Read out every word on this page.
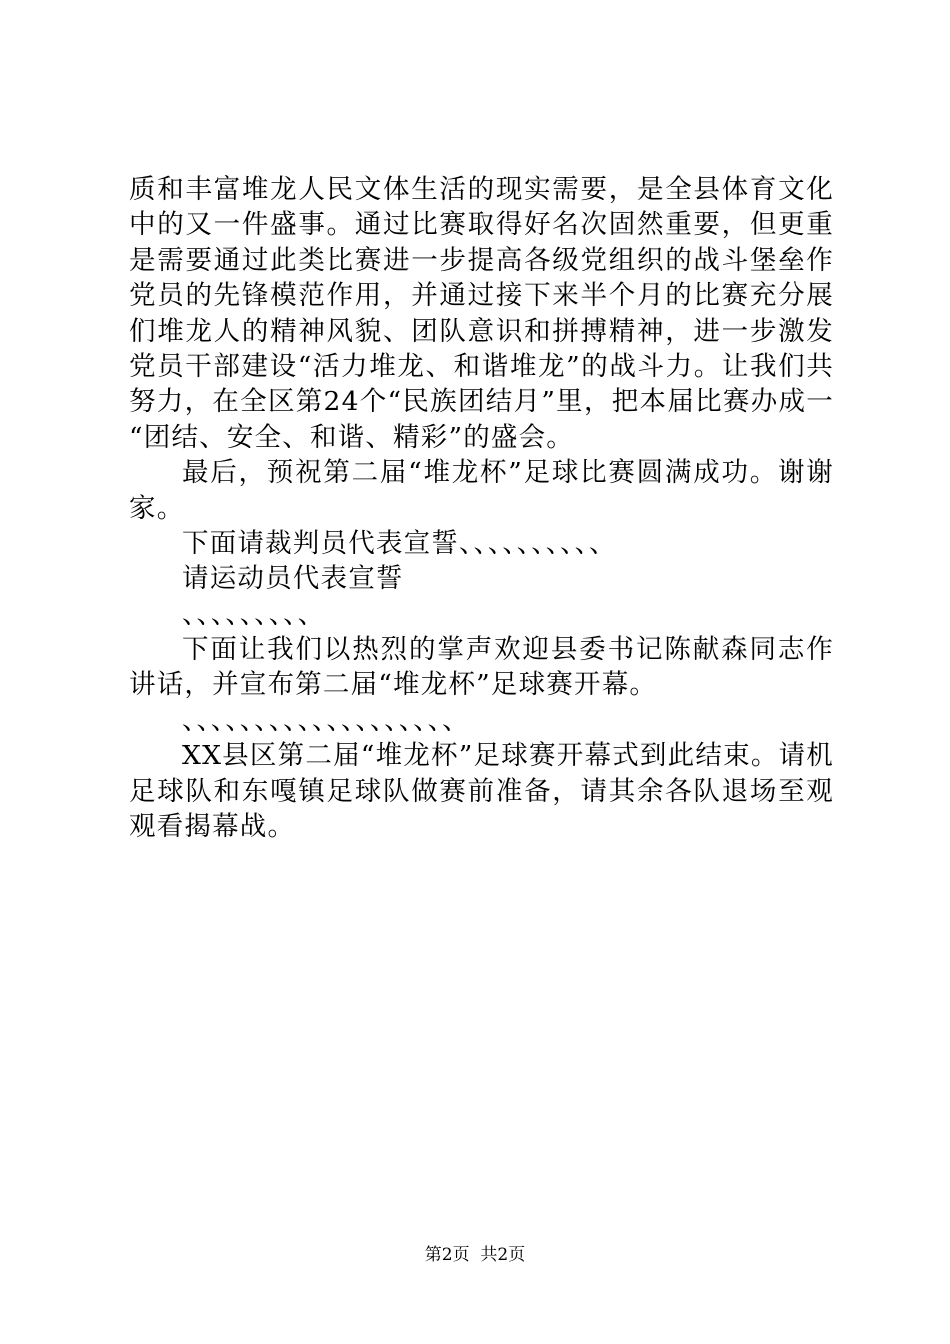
质和丰富堆龙人民文体生活的现实需要，是全县体育文化
中的又一件盛事。通过比赛取得好名次固然重要，但更重
是需要通过此类比赛进一步提高各级党组织的战斗堡垒作
党员的先锋模范作用，并通过接下来半个月的比赛充分展
们堆龙人的精神风貌、团队意识和拼搏精神，进一步激发
党员干部建设“活力堆龙、和谐堆龙”的战斗力。让我们共
努力，在全区第24个“民族团结月”里，把本届比赛办成一
“团结、安全、和谐、精彩”的盛会。
最后，预祝第二届“堆龙杯”足球比赛圆满成功。谢谢
家。
下面请裁判员代表宣誓、、、、、、、、、、
请运动员代表宣誓
、、、、、、、、、
下面让我们以热烈的掌声欢迎县委书记陈献森同志作
讲话，并宣布第二届“堆龙杯”足球赛开幕。
、、、、、、、、、、、、、、、、、、、
XX县区第二届“堆龙杯”足球赛开幕式到此结束。请机
足球队和东嘎镇足球队做赛前准备，请其余各队退场至观
观看揭幕战。
第2页 共2页
